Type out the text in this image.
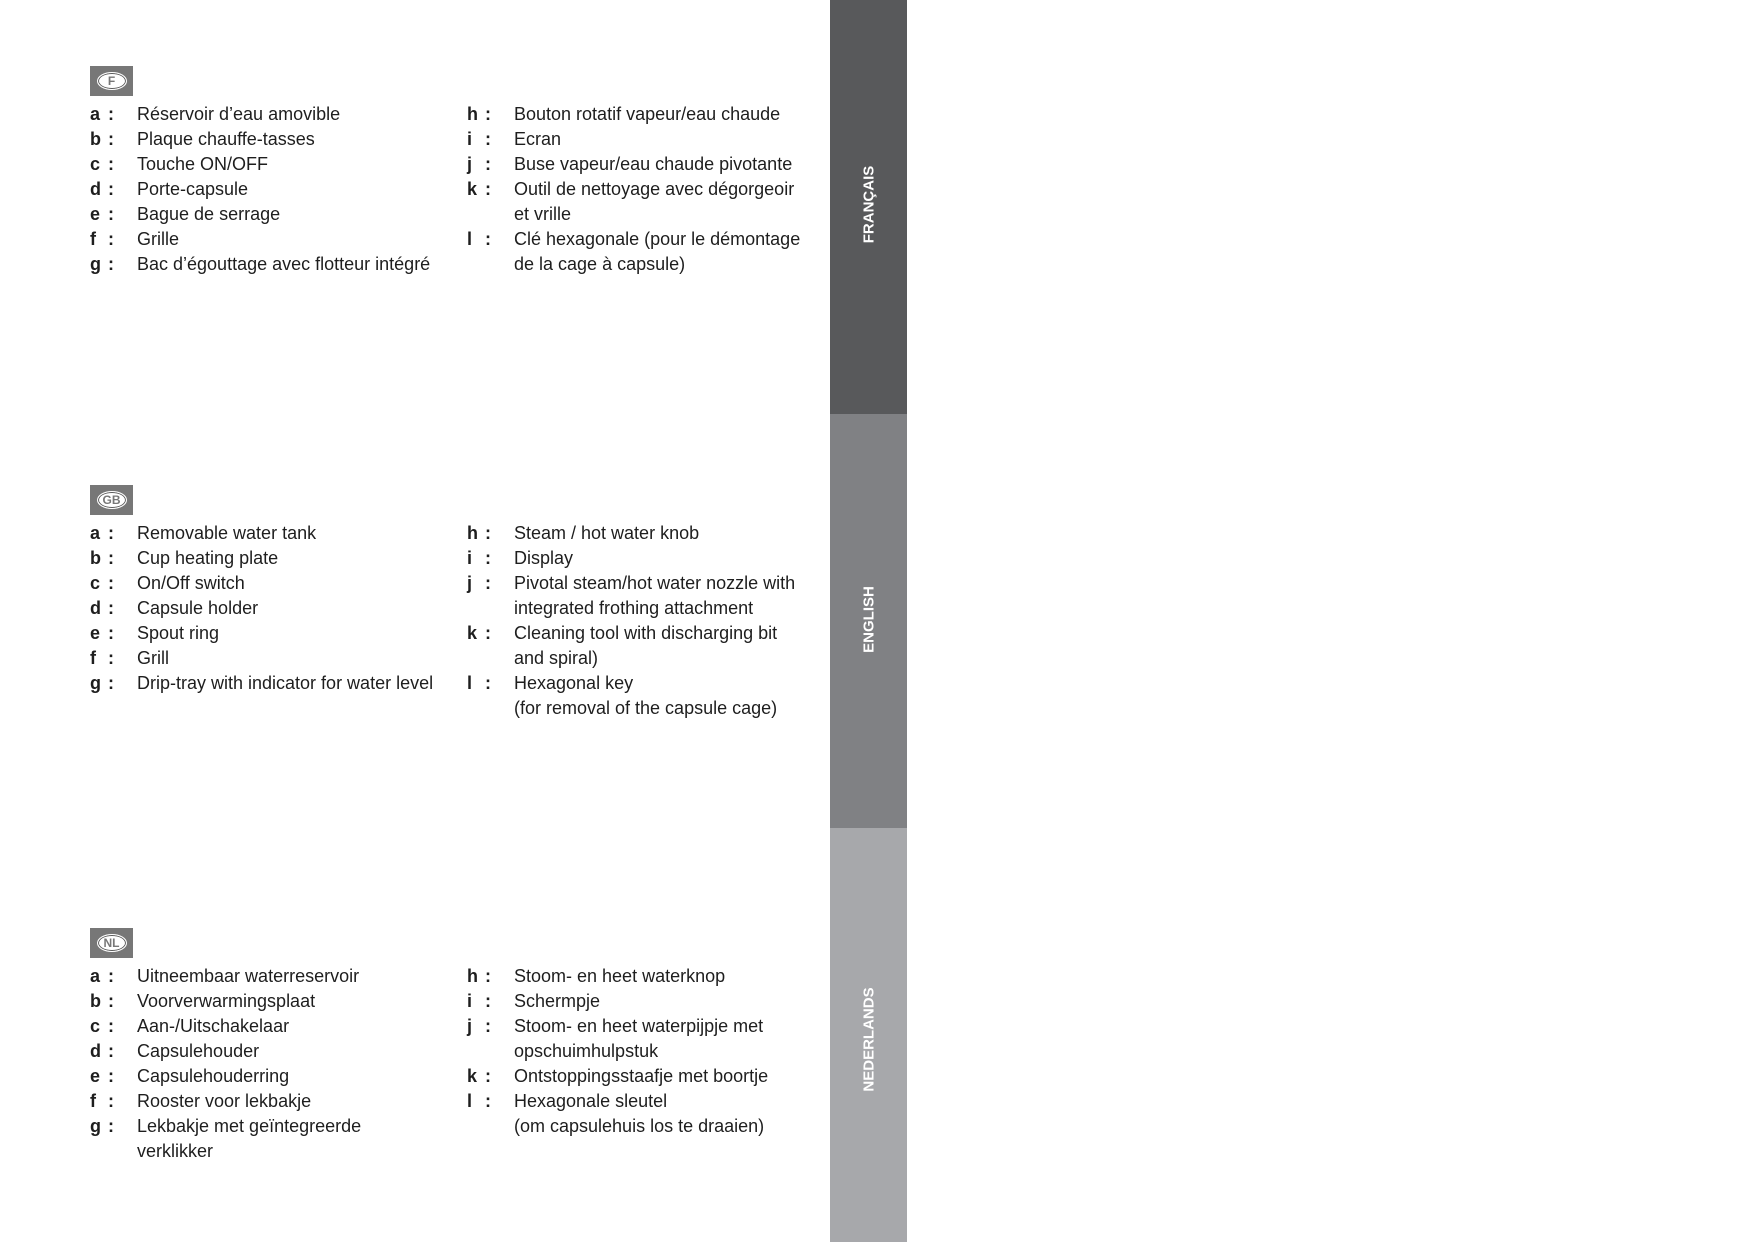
F
a :	Réservoir d’eau amovible
b :	Plaque chauffe-tasses
c :	Touche ON/OFF
d :	Porte-capsule
e :	Bague de serrage
f :	Grille
g :	Bac d’égouttage avec flotteur intégré
h :	Bouton rotatif vapeur/eau chaude
i :	Ecran
j :	Buse vapeur/eau chaude pivotante
k :	Outil de nettoyage avec dégorgeoir
et vrille
l :	Clé hexagonale (pour le démontage
de la cage à capsule)
GB
a :	Removable water tank
b :	Cup heating plate
c :	On/Off switch
d :	Capsule holder
e :	Spout ring
f :	Grill
g :	Drip-tray with indicator for water level
h :	Steam / hot water knob
i :	Display
j :	Pivotal steam/hot water nozzle with
integrated frothing attachment
k :	Cleaning tool with discharging bit
and spiral)
l :	Hexagonal key
(for removal of the capsule cage)
NL
a :	Uitneembaar waterreservoir
b :	Voorverwarmingsplaat
c :	Aan-/Uitschakelaar
d :	Capsulehouder
e :	Capsulehouderring
f :	Rooster voor lekbakje
g :	Lekbakje met geïntegreerde verklikker
h :	Stoom- en heet waterknop
i :	Schermpje
j :	Stoom- en heet waterpijpje met
opschuimhulpstuk
k :	Ontstoppingsstaafje met boortje
l :	Hexagonale sleutel
(om capsulehuis los te draaien)
FRANÇAIS
ENGLISH
NEDERLANDS
